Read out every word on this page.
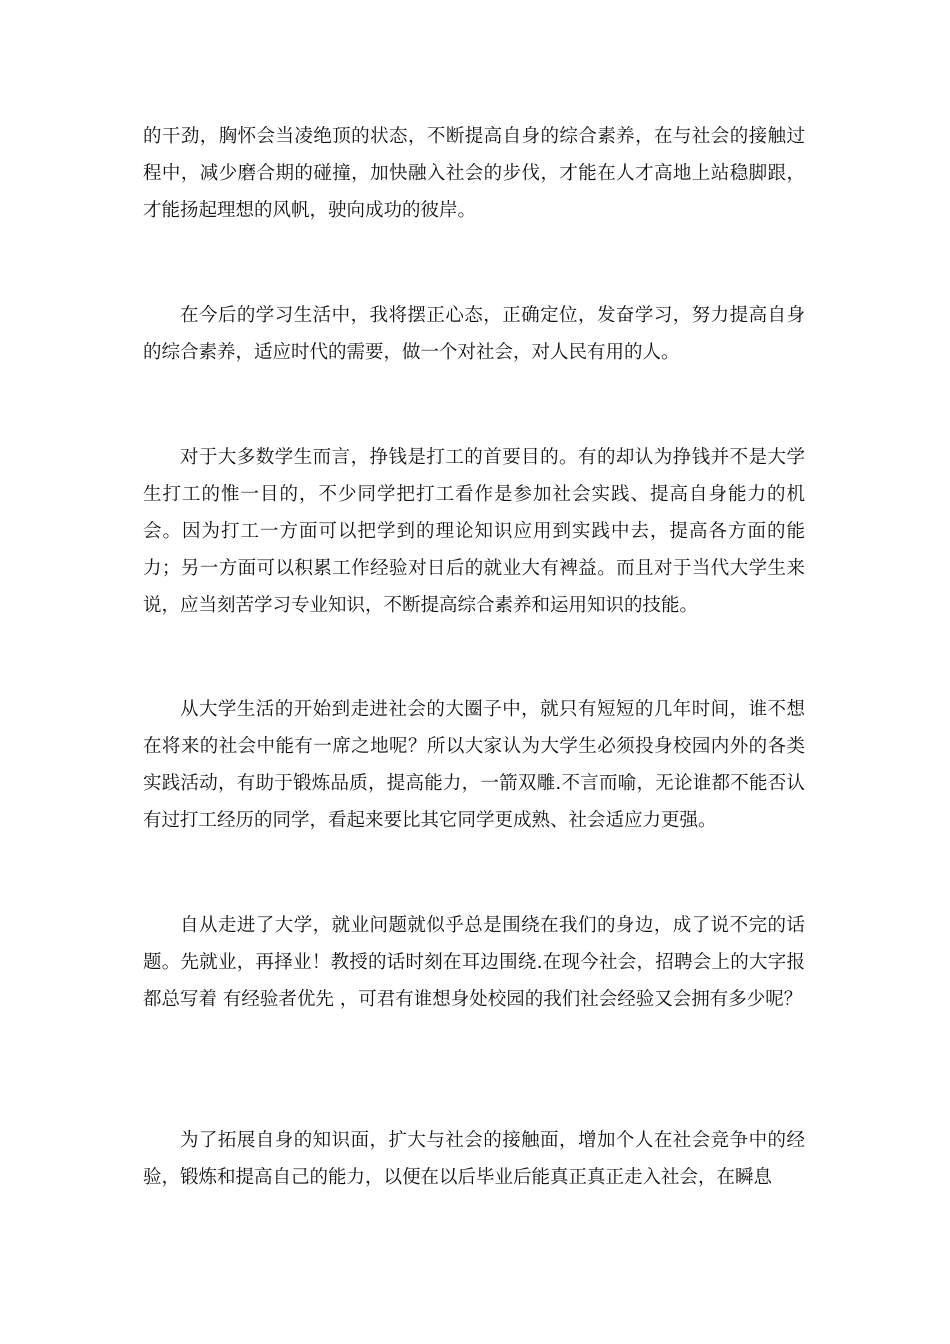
的干劲，胸怀会当凌绝顶的状态，不断提高自身的综合素养，在与社会的接触过程中，减少磨合期的碰撞，加快融入社会的步伐，才能在人才高地上站稳脚跟，才能扬起理想的风帆，驶向成功的彼岸。

在今后的学习生活中，我将摆正心态，正确定位，发奋学习，努力提高自身的综合素养，适应时代的需要，做一个对社会，对人民有用的人。

对于大多数学生而言，挣钱是打工的首要目的。有的却认为挣钱并不是大学生打工的惟一目的，不少同学把打工看作是参加社会实践、提高自身能力的机会。因为打工一方面可以把学到的理论知识应用到实践中去，提高各方面的能力；另一方面可以积累工作经验对日后的就业大有裨益。而且对于当代大学生来说，应当刻苦学习专业知识，不断提高综合素养和运用知识的技能。

从大学生活的开始到走进社会的大圈子中，就只有短短的几年时间，谁不想在将来的社会中能有一席之地呢？所以大家认为大学生必须投身校园内外的各类实践活动，有助于锻炼品质，提高能力，一箭双雕.不言而喻，无论谁都不能否认有过打工经历的同学，看起来要比其它同学更成熟、社会适应力更强。

自从走进了大学，就业问题就似乎总是围绕在我们的身边，成了说不完的话题。先就业，再择业！教授的话时刻在耳边围绕.在现今社会，招聘会上的大字报都总写着 有经验者优先 ，可君有谁想身处校园的我们社会经验又会拥有多少呢？

为了拓展自身的知识面，扩大与社会的接触面，增加个人在社会竞争中的经验，锻炼和提高自己的能力，以便在以后毕业后能真正真正走入社会，在瞬息
